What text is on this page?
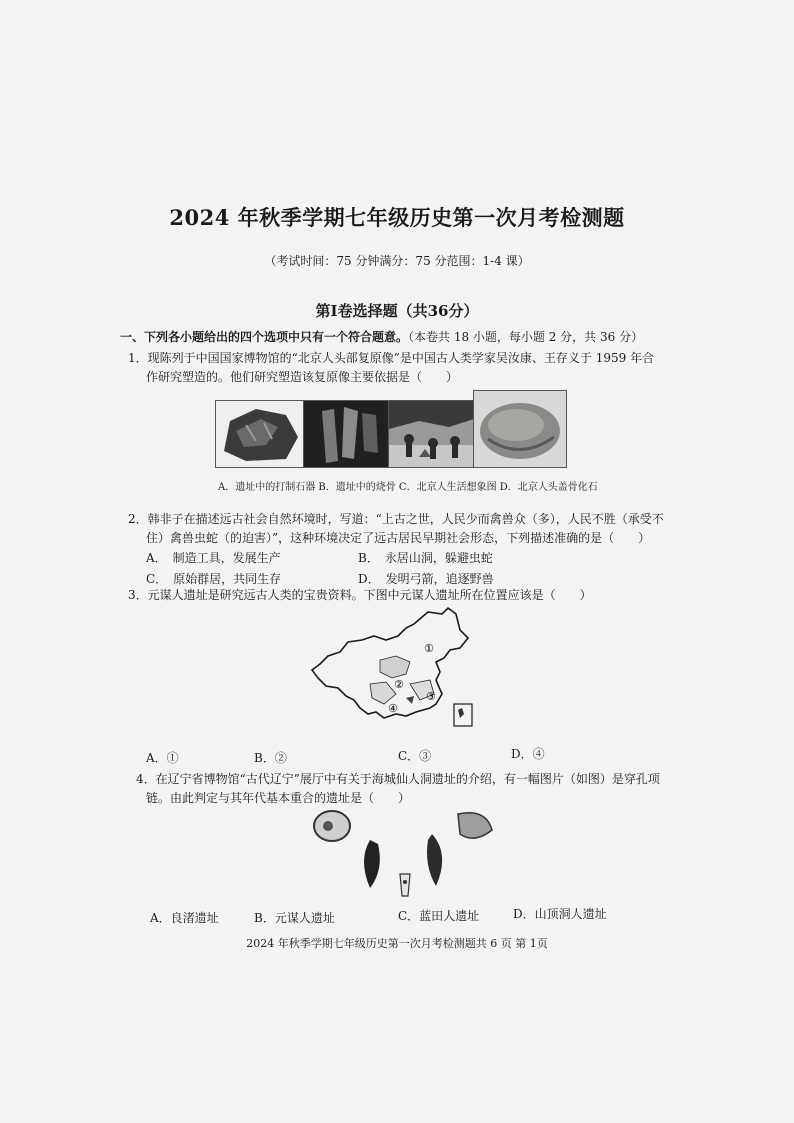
2024 年秋季学期七年级历史第一次月考检测题
（考试时间：75 分钟满分：75 分范围：1-4 课）
第Ⅰ卷选择题（共36分）
一、下列各小题给出的四个选项中只有一个符合题意。（本卷共 18 小题，每小题 2 分，共 36 分）
1．现陈列于中国国家博物馆的“北京人头部复原像”是中国古人类学家吴汝康、王存义于 1959 年合
作研究塑造的。他们研究塑造该复原像主要依据是（　　）
A．遗址中的打制石器 B．遗址中的烧骨 C．北京人生活想象图 D．北京人头盖骨化石
2．韩非子在描述远古社会自然环境时，写道：“上古之世，人民少而禽兽众（多），人民不胜（承受不
住）禽兽虫蛇（的迫害）”，这种环境决定了远古居民早期社会形态，下列描述准确的是（　　）
A．　制造工具，发展生产	B．　永居山洞，躲避虫蛇
C．　原始群居，共同生存	D．　发明弓箭，追逐野兽
3．元谋人遗址是研究远古人类的宝贵资料。下图中元谋人遗址所在位置应该是（　　）
①
②
③
④
A．①	B．②	C．③	D．④
4．在辽宁省博物馆“古代辽宁”展厅中有关于海城仙人洞遗址的介绍，有一幅图片（如图）是穿孔项
链。由此判定与其年代基本重合的遗址是（　　）
A．良渚遗址	B．元谋人遗址	C．蓝田人遗址	D．山顶洞人遗址
2024 年秋季学期七年级历史第一次月考检测题共 6 页 第 1页
